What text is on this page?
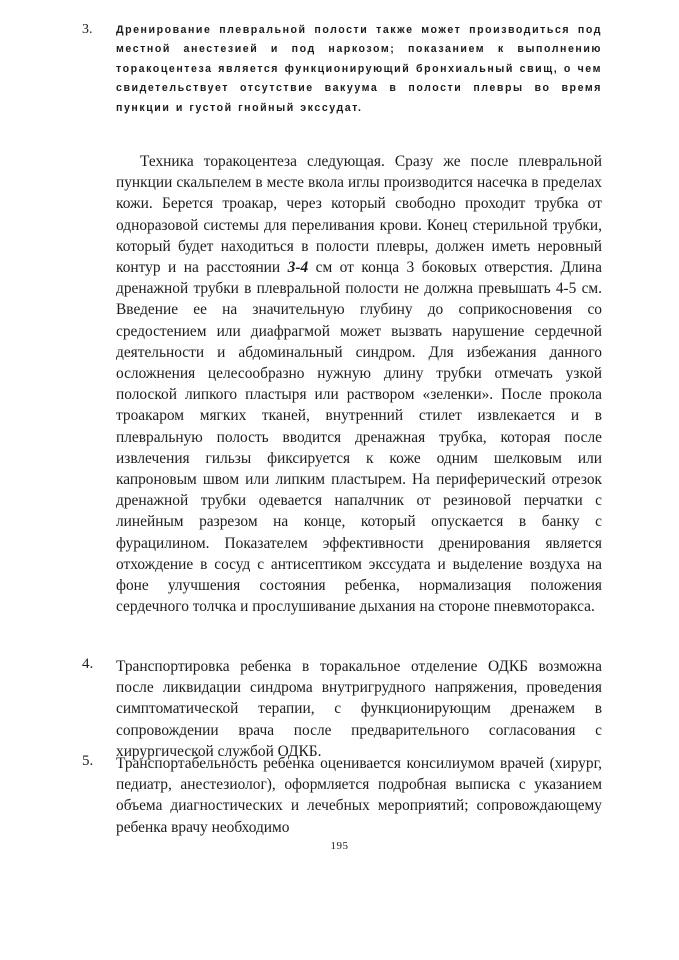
3. Дренирование плевральной полости также может производиться под местной анестезией и под наркозом; показанием к выполнению торакоцентеза является функционирующий бронхиальный свищ, о чем свидетельствует отсутствие вакуума в полости плевры во время пункции и густой гнойный экссудат.

Техника торакоцентеза следующая. Сразу же после плевральной пункции скальпелем в месте вкола иглы производится насечка в пределах кожи. Берется троакар, через который свободно проходит трубка от одноразовой системы для переливания крови. Конец стерильной трубки, который будет находиться в полости плевры, должен иметь неровный контур и на расстоянии 3-4 см от конца 3 боковых отверстия. Длина дренажной трубки в плевральной полости не должна превышать 4-5 см. Введение ее на значительную глубину до соприкосновения со средостением или диафрагмой может вызвать нарушение сердечной деятельности и абдоминальный синдром. Для избежания данного осложнения целесообразно нужную длину трубки отмечать узкой полоской липкого пластыря или раствором «зеленки». После прокола троакаром мягких тканей, внутренний стилет извлекается и в плевральную полость вводится дренажная трубка, которая после извлечения гильзы фиксируется к коже одним шелковым или капроновым швом или липким пластырем. На периферический отрезок дренажной трубки одевается напалчник от резиновой перчатки с линейным разрезом на конце, который опускается в банку с фурацилином. Показателем эффективности дренирования является отхождение в сосуд с антисептиком экссудата и выделение воздуха на фоне улучшения состояния ребенка, нормализация положения сердечного толчка и прослушивание дыхания на стороне пневмоторакса.

4. Транспортировка ребенка в торакальное отделение ОДКБ возможна после ликвидации синдрома внутригрудного напряжения, проведения симптоматической терапии, с функционирующим дренажем в сопровождении врача после предварительного согласования с хирургической службой ОДКБ.
5. Транспортабельность ребенка оценивается консилиумом врачей (хирург, педиатр, анестезиолог), оформляется подробная выписка с указанием объема диагностических и лечебных мероприятий; сопровождающему ребенка врачу необходимо
195
